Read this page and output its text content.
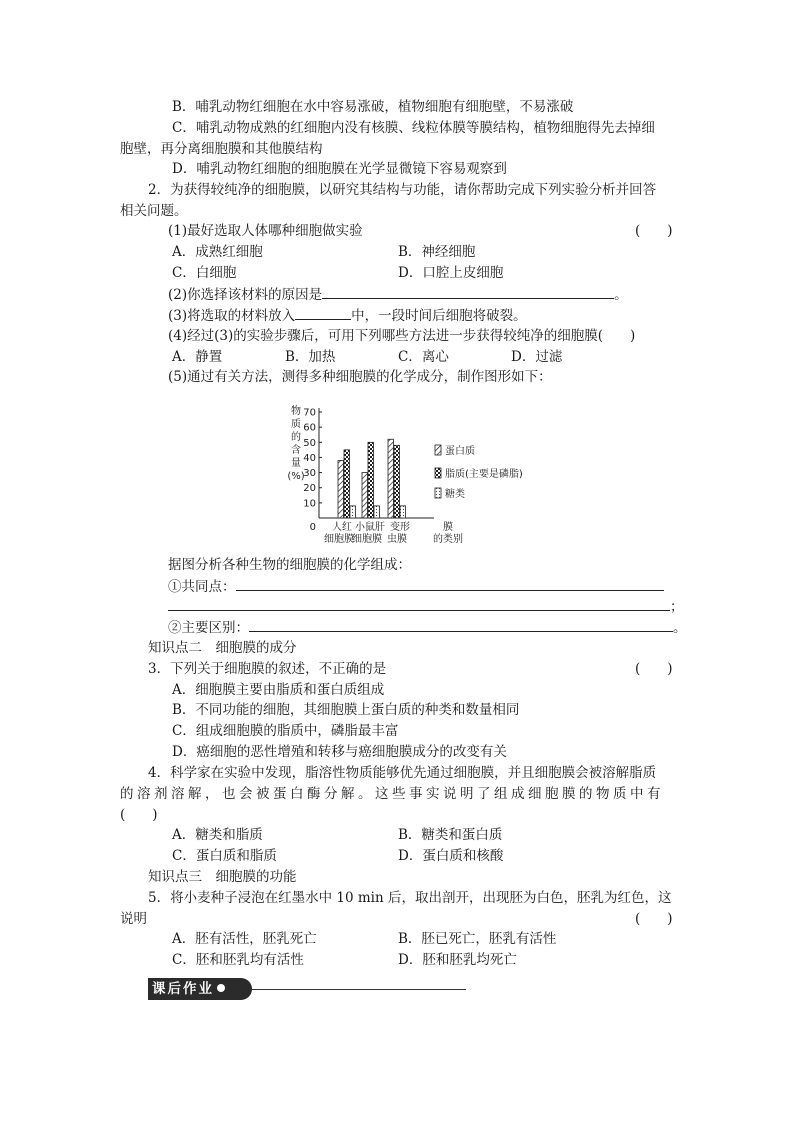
B．哺乳动物红细胞在水中容易涨破，植物细胞有细胞壁，不易涨破
C．哺乳动物成熟的红细胞内没有核膜、线粒体膜等膜结构，植物细胞得先去掉细
胞壁，再分离细胞膜和其他膜结构
D．哺乳动物红细胞的细胞膜在光学显微镜下容易观察到
2．为获得较纯净的细胞膜，以研究其结构与功能，请你帮助完成下列实验分析并回答
相关问题。
(1)最好选取人体哪种细胞做实验	(　　)
A．成熟红细胞	B．神经细胞
C．白细胞	D．口腔上皮细胞
(2)你选择该材料的原因是	。
(3)将选取的材料放入	中，一段时间后细胞将破裂。
(4)经过(3)的实验步骤后，可用下列哪些方法进一步获得较纯净的细胞膜(　　)
A．静置	B．加热	C．离心	D．过滤
(5)通过有关方法，测得多种细胞膜的化学成分，制作图形如下：
物
质
的
含
量
(%)
0
10
20
30
40
50
60
70
人红
细胞膜
小鼠肝
细胞膜
变形
虫膜
膜
的类别
蛋白质
脂质(主要是磷脂)
糖类
据图分析各种生物的细胞膜的化学组成：
①共同点：
；
②主要区别：	。
知识点二　细胞膜的成分
3．下列关于细胞膜的叙述，不正确的是	(　　)
A．细胞膜主要由脂质和蛋白质组成
B．不同功能的细胞，其细胞膜上蛋白质的种类和数量相同
C．组成细胞膜的脂质中，磷脂最丰富
D．癌细胞的恶性增殖和转移与癌细胞膜成分的改变有关
4．科学家在实验中发现，脂溶性物质能够优先通过细胞膜，并且细胞膜会被溶解脂质
的溶剂溶解，也会被蛋白酶分解。这些事实说明了组成细胞膜的物质中有
(　　)
A．糖类和脂质	B．糖类和蛋白质
C．蛋白质和脂质	D．蛋白质和核酸
知识点三　细胞膜的功能
5．将小麦种子浸泡在红墨水中 10 min 后，取出剖开，出现胚为白色，胚乳为红色，这
说明	(　　)
A．胚有活性，胚乳死亡	B．胚已死亡，胚乳有活性
C．胚和胚乳均有活性	D．胚和胚乳均死亡
课后作业
